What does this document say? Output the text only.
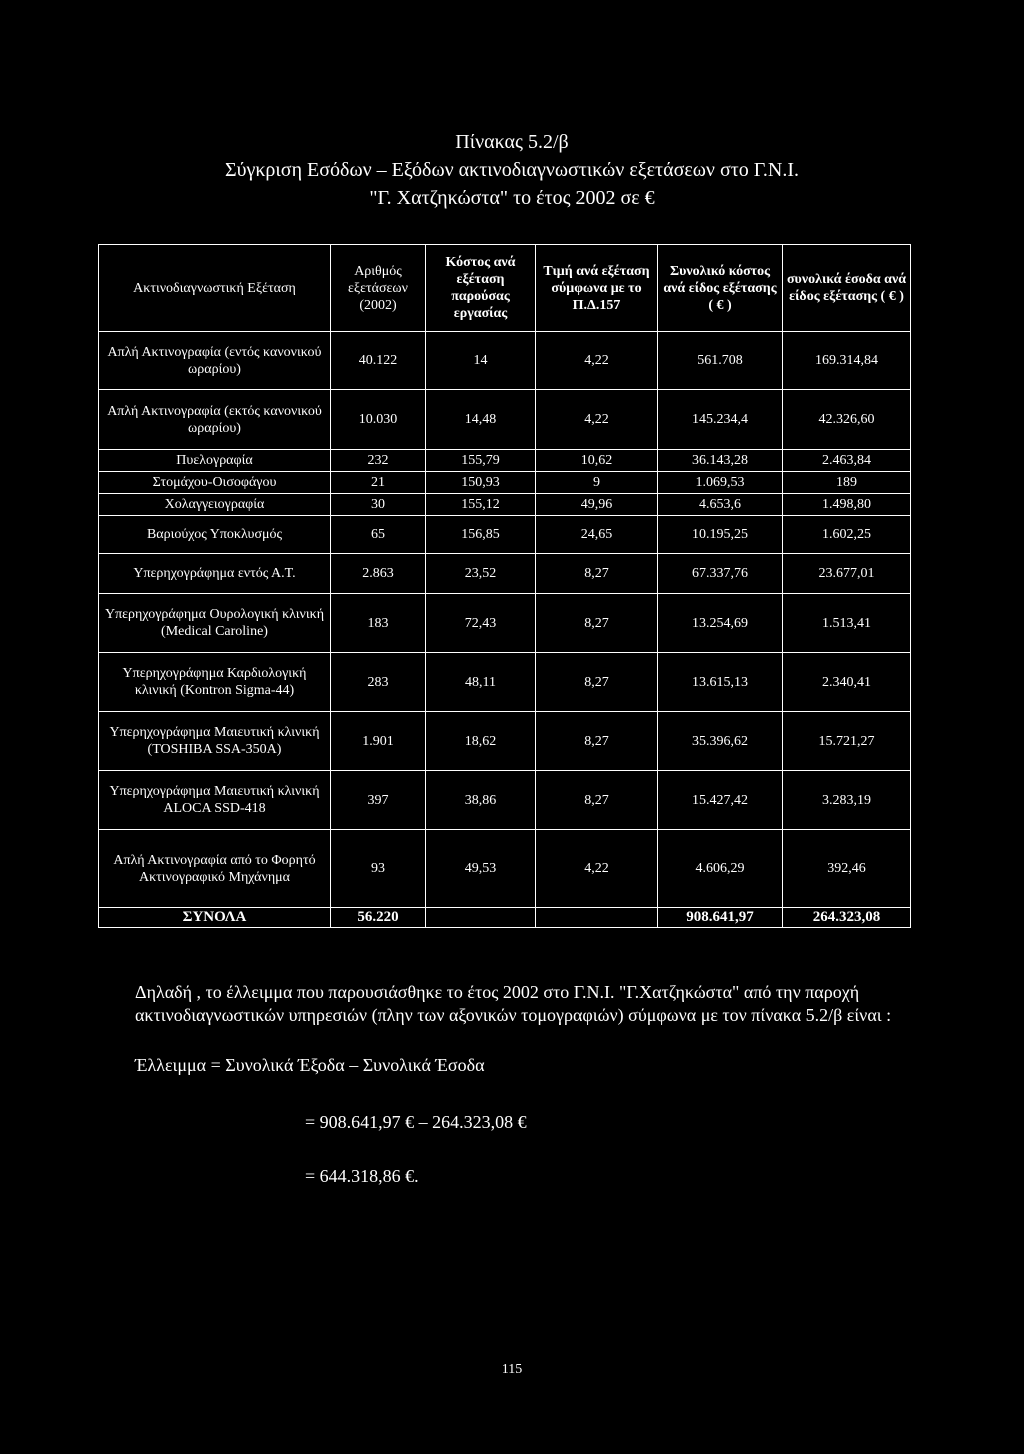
Πίνακας 5.2/β
Σύγκριση Εσόδων – Εξόδων ακτινοδιαγνωστικών εξετάσεων στο Γ.Ν.Ι.
"Γ. Χατζηκώστα" το έτος 2002 σε €
Ακτινοδιαγνωστική Εξέταση	Αριθμός εξετάσεων (2002)	Κόστος ανά εξέταση παρούσας εργασίας	Τιμή ανά εξέταση σύμφωνα με το Π.Δ.157	Συνολικό κόστος ανά είδος εξέτασης ( € )	συνολικά έσοδα ανά είδος εξέτασης ( € )
Απλή Ακτινογραφία (εντός κανονικού ωραρίου)	40.122	14	4,22	561.708	169.314,84
Απλή Ακτινογραφία (εκτός κανονικού ωραρίου)	10.030	14,48	4,22	145.234,4	42.326,60
Πυελογραφία	232	155,79	10,62	36.143,28	2.463,84
Στομάχου-Οισοφάγου	21	150,93	9	1.069,53	189
Χολαγγειογραφία	30	155,12	49,96	4.653,6	1.498,80
Βαριούχος Υποκλυσμός	65	156,85	24,65	10.195,25	1.602,25
Υπερηχογράφημα εντός Α.Τ.	2.863	23,52	8,27	67.337,76	23.677,01
Υπερηχογράφημα Ουρολογική κλινική (Medical Caroline)	183	72,43	8,27	13.254,69	1.513,41
Υπερηχογράφημα Καρδιολογική κλινική (Kontron Sigma-44)	283	48,11	8,27	13.615,13	2.340,41
Υπερηχογράφημα Μαιευτική κλινική (TOSHIBA SSA-350A)	1.901	18,62	8,27	35.396,62	15.721,27
Υπερηχογράφημα Μαιευτική κλινική ALOCA SSD-418	397	38,86	8,27	15.427,42	3.283,19
Απλή Ακτινογραφία από το Φορητό Ακτινογραφικό Μηχάνημα	93	49,53	4,22	4.606,29	392,46
ΣΥΝΟΛΑ	56.220			908.641,97	264.323,08
Δηλαδή , το έλλειμμα που παρουσιάσθηκε το έτος 2002 στο Γ.Ν.Ι. "Γ.Χατζηκώστα" από την παροχή ακτινοδιαγνωστικών υπηρεσιών (πλην των αξονικών τομογραφιών) σύμφωνα με τον πίνακα 5.2/β είναι :
Έλλειμμα = Συνολικά Έξοδα – Συνολικά Έσοδα
= 908.641,97 € – 264.323,08 €
= 644.318,86 €.
115
